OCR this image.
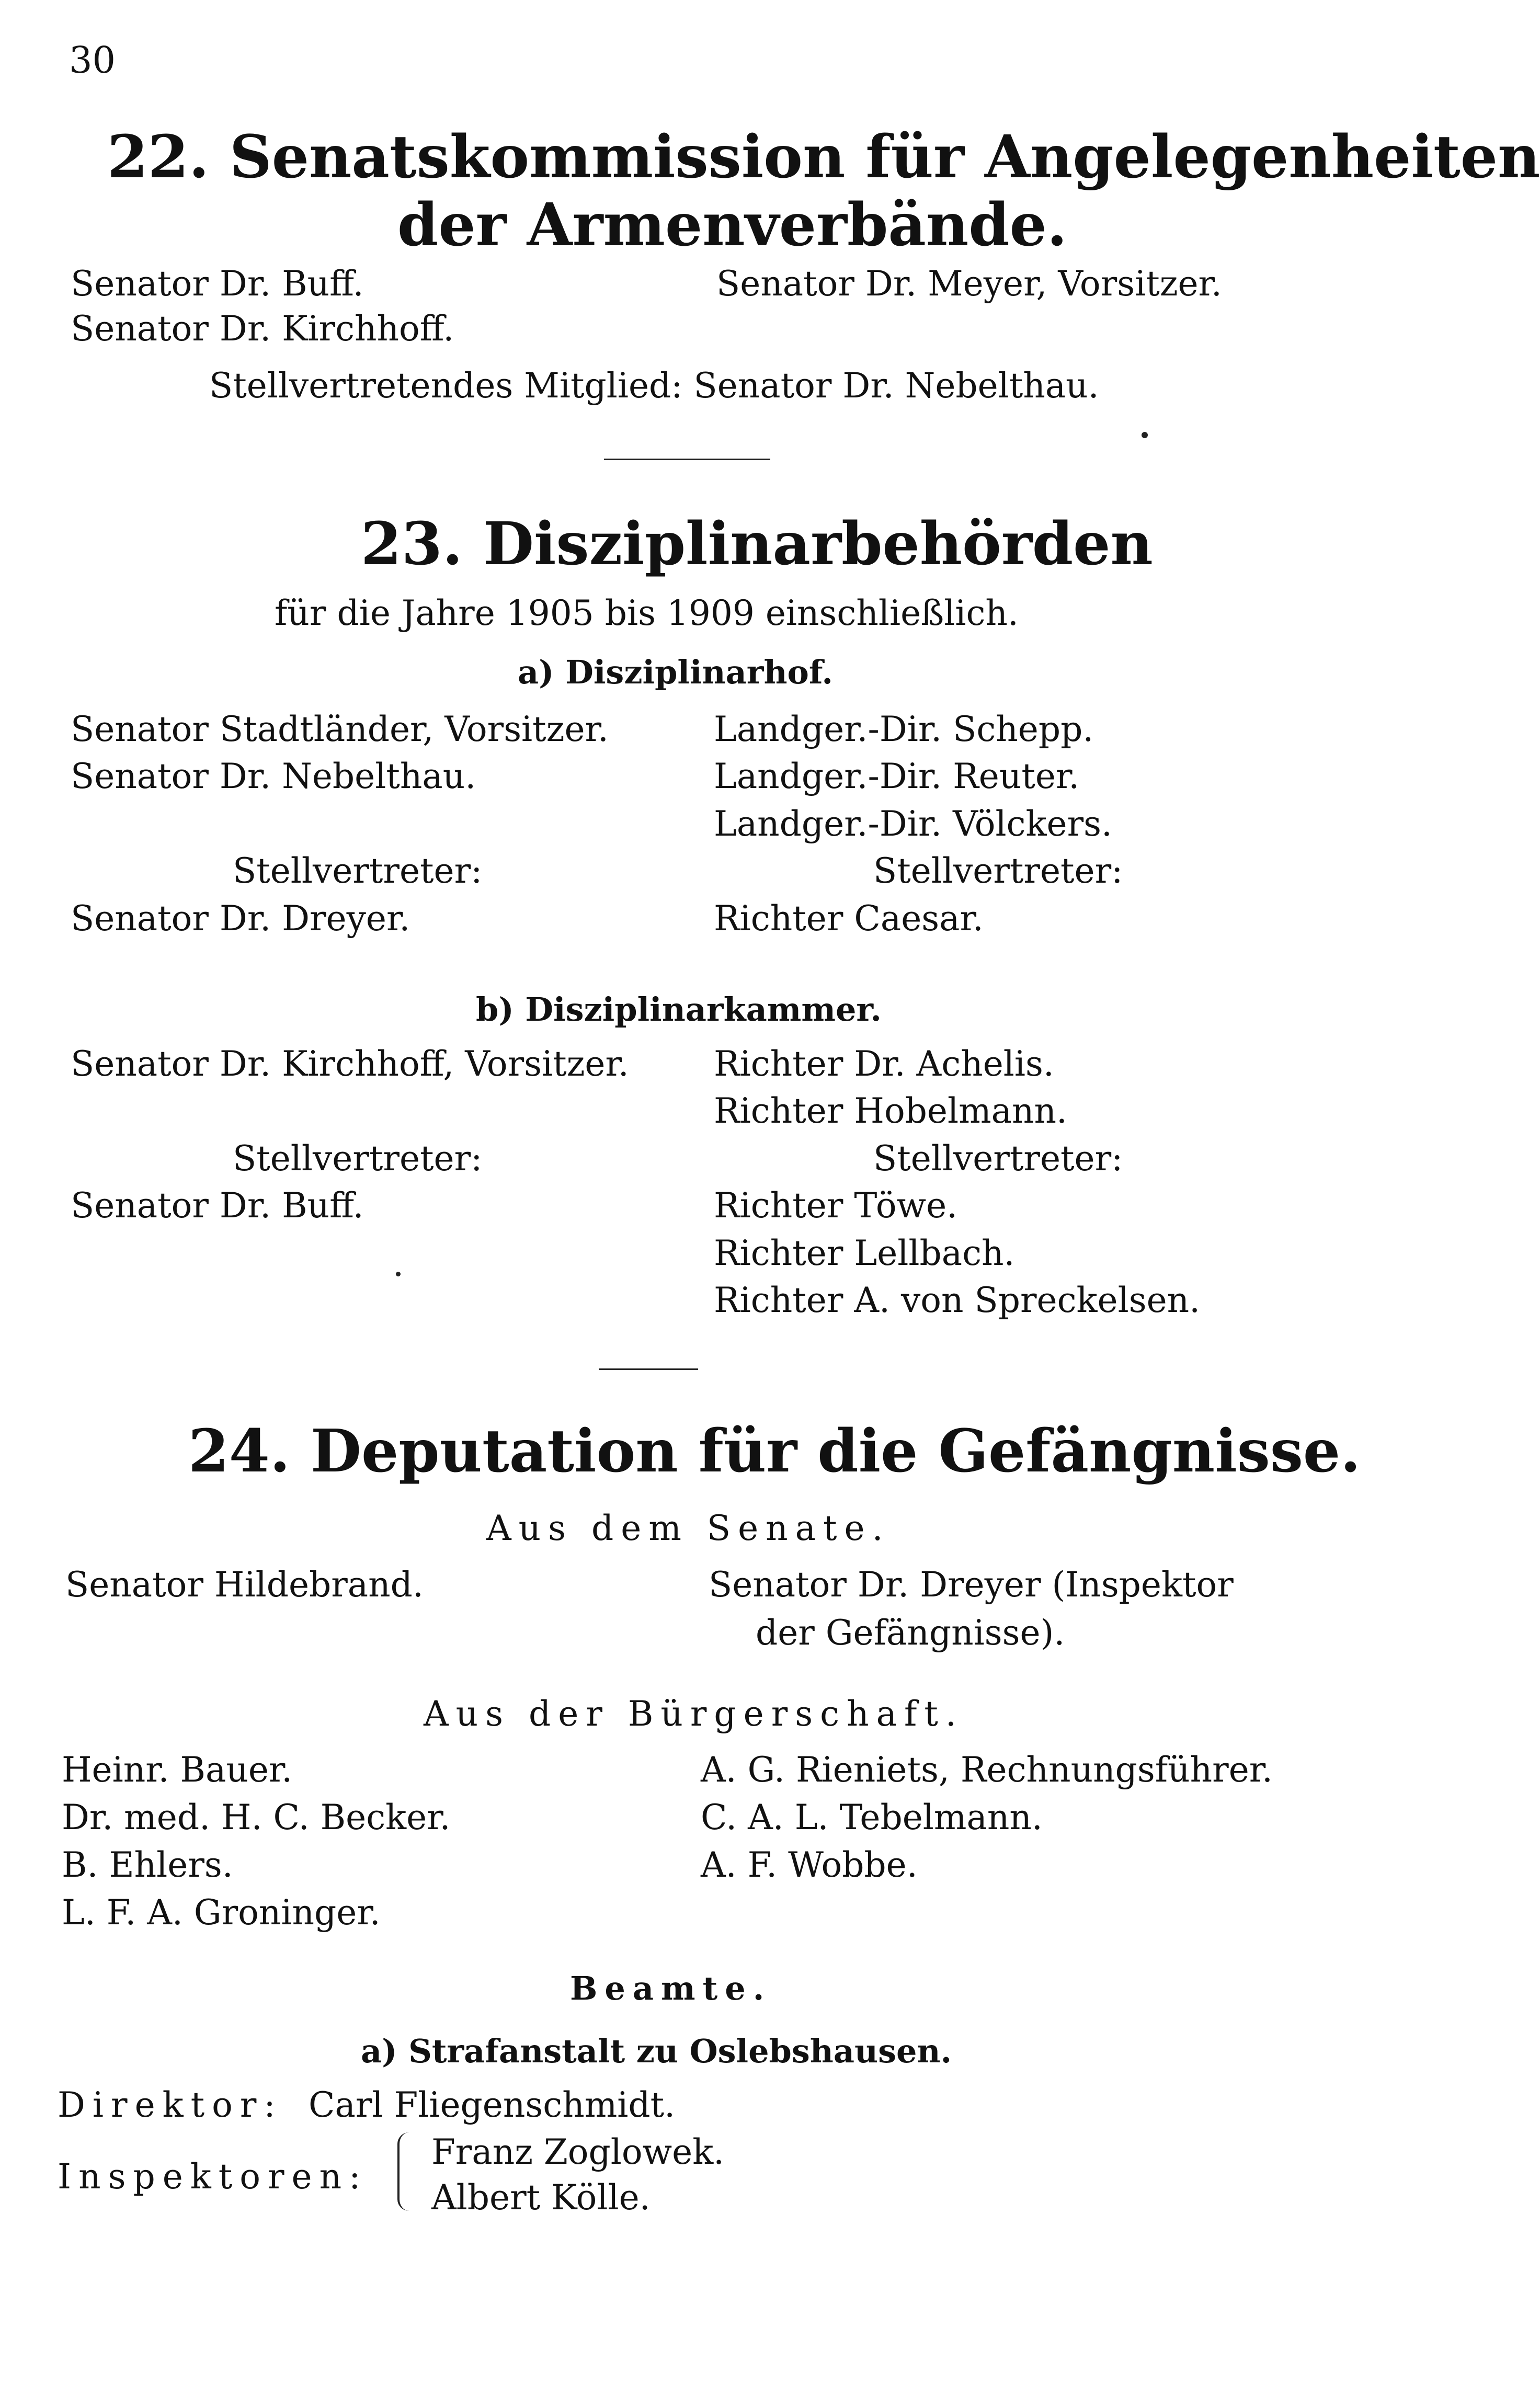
30
22. Senatskommission für Angelegenheiten
der Armenverbände.
Senator Dr. Buff.	Senator Dr. Meyer, Vorsitzer.
Senator Dr. Kirchhoff.
Stellvertretendes Mitglied: Senator Dr. Nebelthau.
23. Disziplinarbehörden
für die Jahre 1905 bis 1909 einschließlich.
a) Disziplinarhof.
Senator Stadtländer, Vorsitzer.	Landger.-Dir. Schepp.
Senator Dr. Nebelthau.	Landger.-Dir. Reuter.
Landger.-Dir. Völckers.
Stellvertreter:	Stellvertreter:
Senator Dr. Dreyer.	Richter Caesar.
b) Disziplinarkammer.
Senator Dr. Kirchhoff, Vorsitzer. Richter Dr. Achelis.
Richter Hobelmann.
Stellvertreter:	Stellvertreter:
Senator Dr. Buff.	Richter Töwe.
Richter Lellbach.
Richter A. von Spreckelsen.
24. Deputation für die Gefängnisse.
Aus dem Senate.
Senator Hildebrand.	Senator Dr. Dreyer (Inspektor
der Gefängnisse).
Aus der Bürgerschaft.
Heinr. Bauer.	A. G. Rieniets, Rechnungsführer.
Dr. med. H. C. Becker.	C. A. L. Tebelmann.
B. Ehlers.	A. F. Wobbe.
L. F. A. Groninger.
Beamte.
a) Strafanstalt zu Oslebshausen.
Direktor: Carl Fliegenschmidt.
Inspektoren:
Franz Zoglowek.
Albert Kölle.
